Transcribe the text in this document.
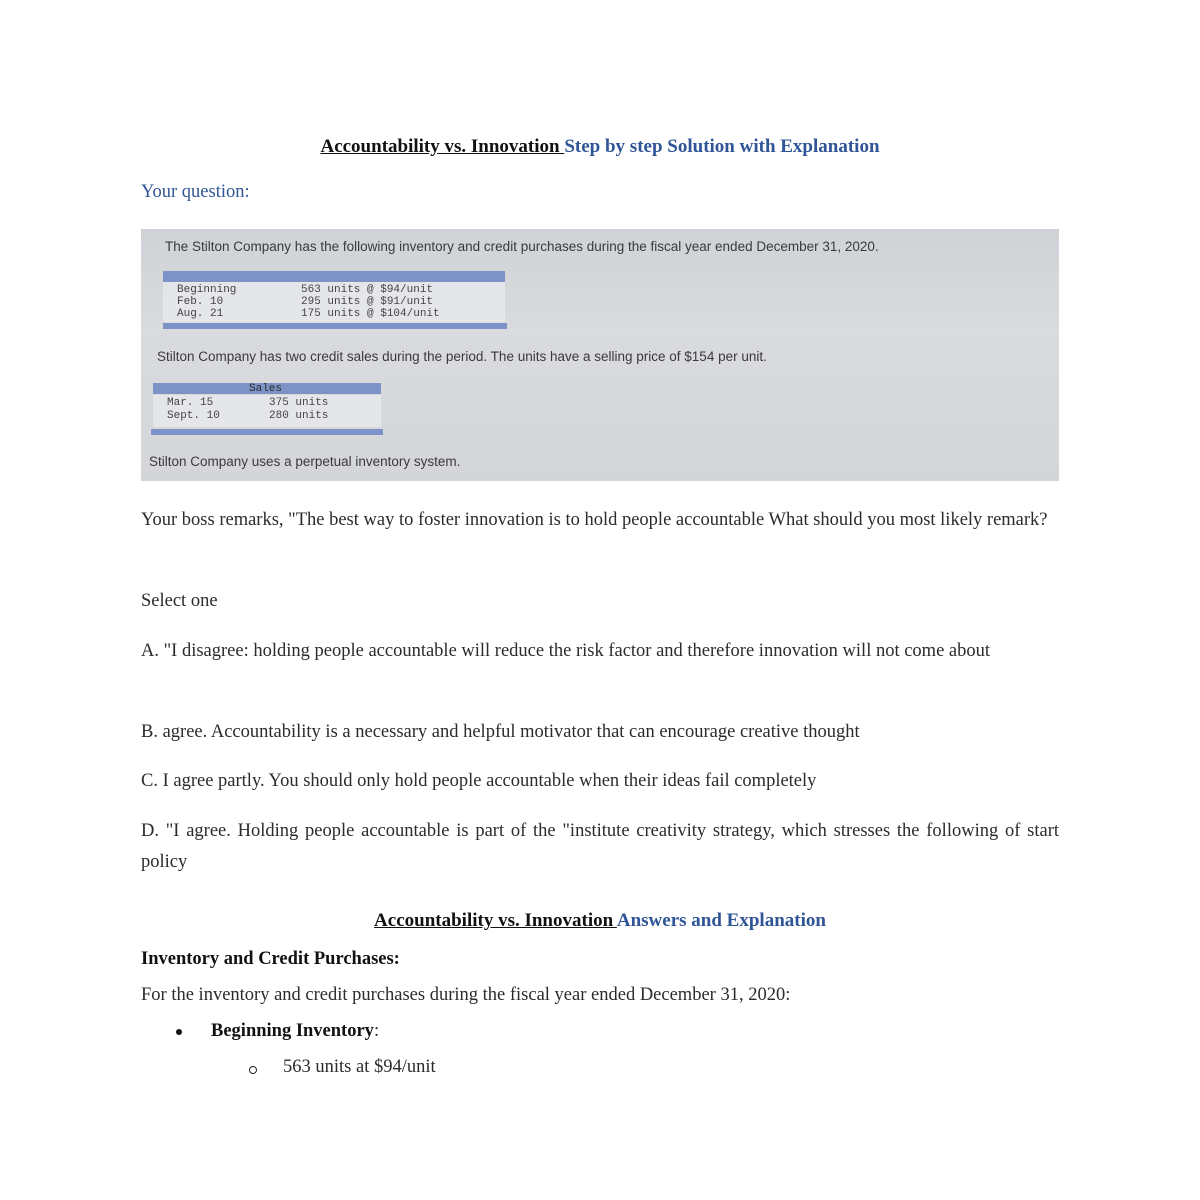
Accountability vs. Innovation Step by step Solution with Explanation
Your question:
The Stilton Company has the following inventory and credit purchases during the fiscal year ended December 31, 2020.
Beginning	563 units @ $94/unit
Feb. 10	295 units @ $91/unit
Aug. 21	175 units @ $104/unit
Stilton Company has two credit sales during the period. The units have a selling price of $154 per unit.
Sales
Mar. 15	375 units
Sept. 10	280 units
Stilton Company uses a perpetual inventory system.
Your boss remarks, "The best way to foster innovation is to hold people accountable What should you most likely remark?
Select one
A. "I disagree: holding people accountable will reduce the risk factor and therefore innovation will not come about
B. agree. Accountability is a necessary and helpful motivator that can encourage creative thought
C. I agree partly. You should only hold people accountable when their ideas fail completely
D. "I agree. Holding people accountable is part of the "institute creativity strategy, which stresses the following of start policy
Accountability vs. Innovation Answers and Explanation
Inventory and Credit Purchases:
For the inventory and credit purchases during the fiscal year ended December 31, 2020:
Beginning Inventory:
563 units at $94/unit
